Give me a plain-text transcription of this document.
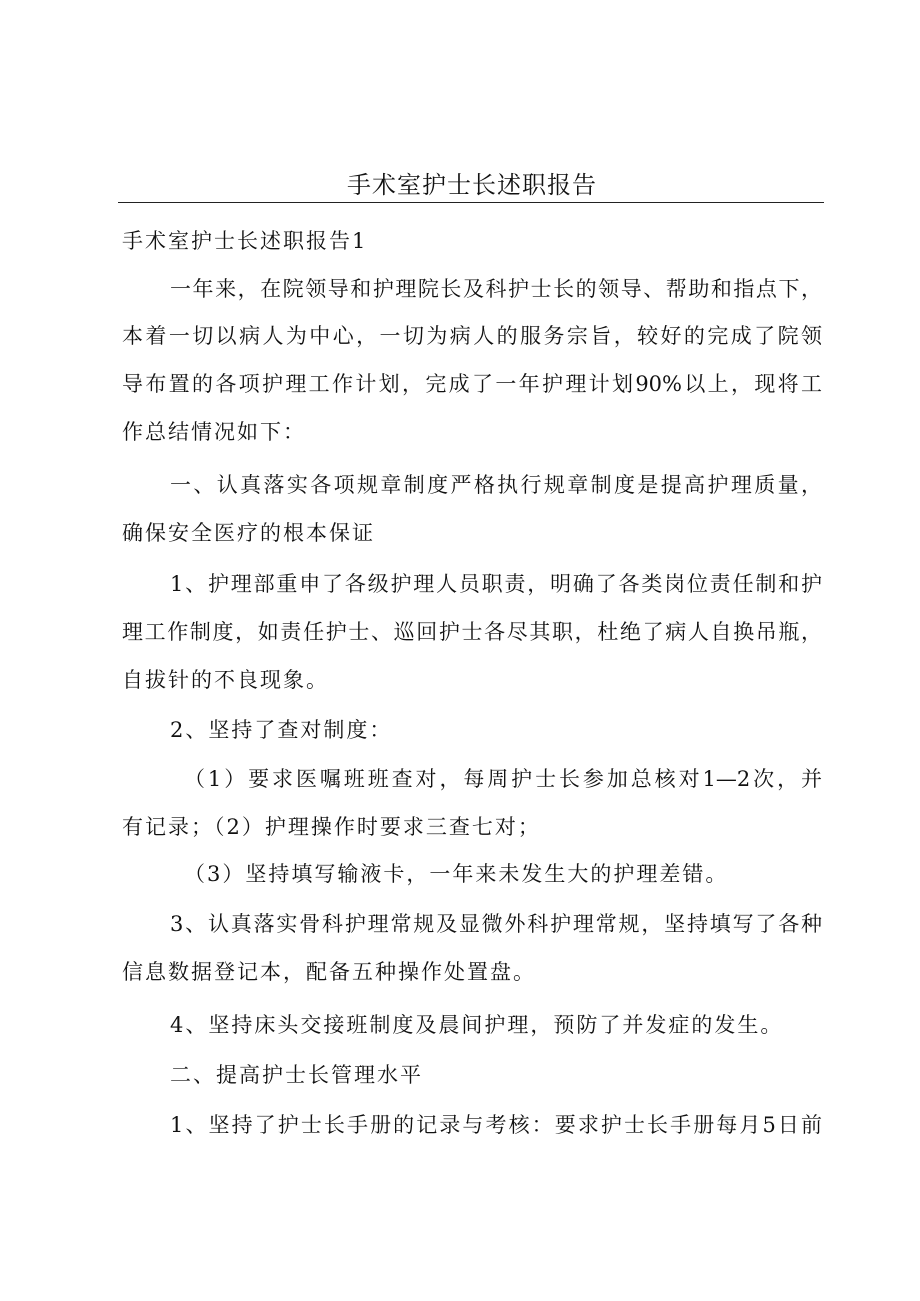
手术室护士长述职报告
手术室护士长述职报告1
一年来，在院领导和护理院长及科护士长的领导、帮助和指点下，
本着一切以病人为中心，一切为病人的服务宗旨，较好的完成了院领
导布置的各项护理工作计划，完成了一年护理计划90%以上，现将工
作总结情况如下：
一、认真落实各项规章制度严格执行规章制度是提高护理质量，
确保安全医疗的根本保证
1、护理部重申了各级护理人员职责，明确了各类岗位责任制和护
理工作制度，如责任护士、巡回护士各尽其职，杜绝了病人自换吊瓶，
自拔针的不良现象。
2、坚持了查对制度：
（1）要求医嘱班班查对，每周护士长参加总核对1—2次，并
有记录；（2）护理操作时要求三查七对；
（3）坚持填写输液卡，一年来未发生大的护理差错。
3、认真落实骨科护理常规及显微外科护理常规，坚持填写了各种
信息数据登记本，配备五种操作处置盘。
4、坚持床头交接班制度及晨间护理，预防了并发症的发生。
二、提高护士长管理水平
1、坚持了护士长手册的记录与考核：要求护士长手册每月5日前
